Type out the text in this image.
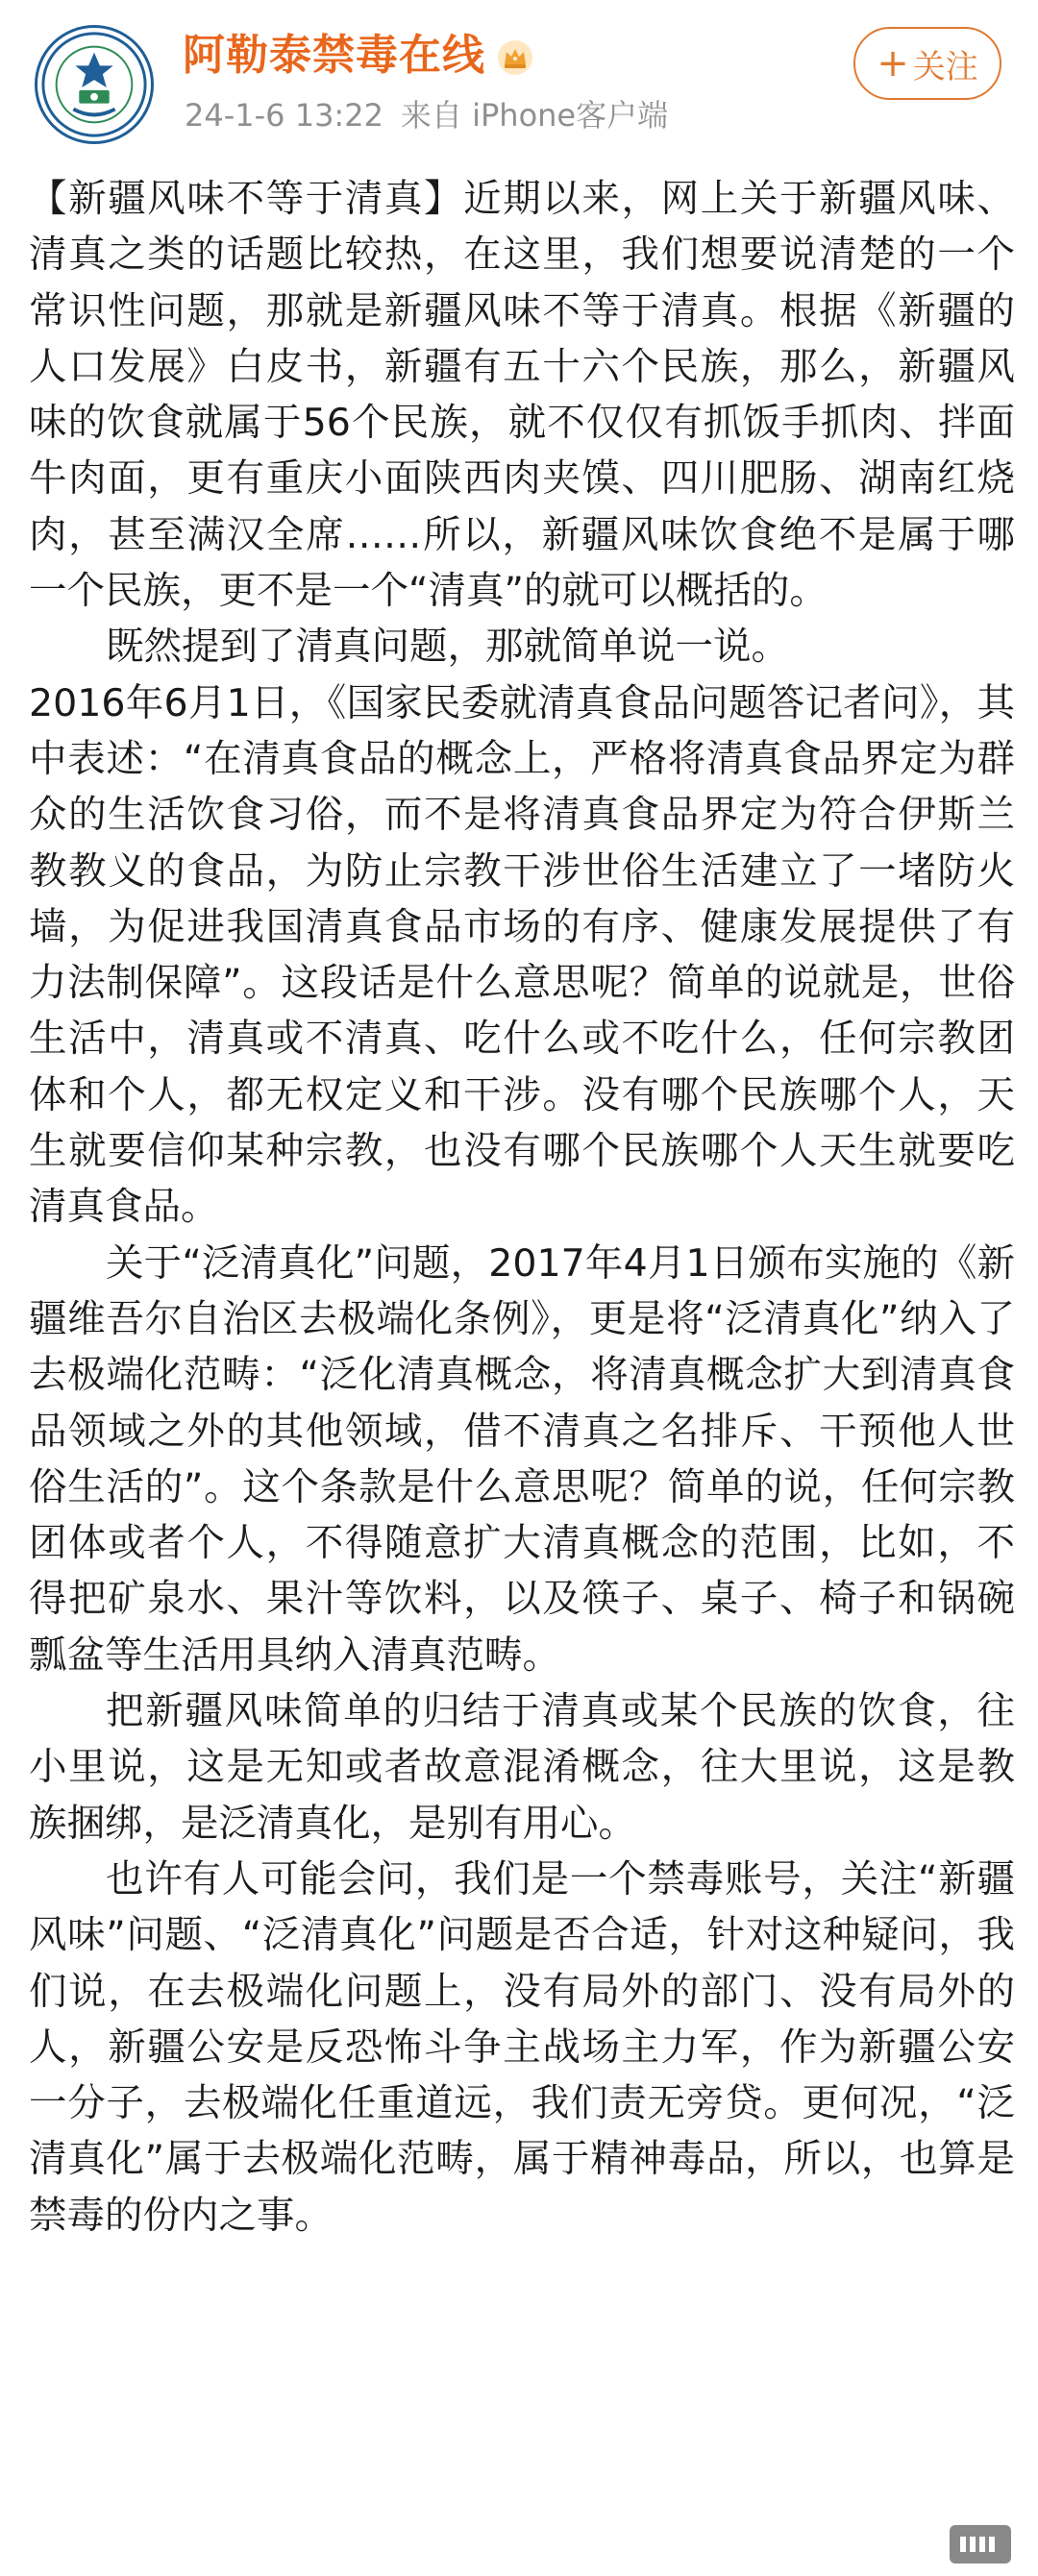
阿勒泰禁毒在线
24-1-6 13:22 来自 iPhone客户端
+ 关注

【新疆风味不等于清真】近期以来，网上关于新疆风味、清真之类的话题比较热，在这里，我们想要说清楚的一个常识性问题，那就是新疆风味不等于清真。根据《新疆的人口发展》白皮书，新疆有五十六个民族，那么，新疆风味的饮食就属于56个民族，就不仅仅有抓饭手抓肉、拌面牛肉面，更有重庆小面陕西肉夹馍、四川肥肠、湖南红烧肉，甚至满汉全席……所以，新疆风味饮食绝不是属于哪一个民族，更不是一个“清真”的就可以概括的。

既然提到了清真问题，那就简单说一说。

2016年6月1日，《国家民委就清真食品问题答记者问》，其中表述：“在清真食品的概念上，严格将清真食品界定为群众的生活饮食习俗，而不是将清真食品界定为符合伊斯兰教教义的食品，为防止宗教干涉世俗生活建立了一堵防火墙，为促进我国清真食品市场的有序、健康发展提供了有力法制保障”。这段话是什么意思呢？简单的说就是，世俗生活中，清真或不清真、吃什么或不吃什么，任何宗教团体和个人，都无权定义和干涉。没有哪个民族哪个人，天生就要信仰某种宗教，也没有哪个民族哪个人天生就要吃清真食品。

关于“泛清真化”问题，2017年4月1日颁布实施的《新疆维吾尔自治区去极端化条例》，更是将“泛清真化”纳入了去极端化范畴：“泛化清真概念，将清真概念扩大到清真食品领域之外的其他领域，借不清真之名排斥、干预他人世俗生活的”。这个条款是什么意思呢？简单的说，任何宗教团体或者个人，不得随意扩大清真概念的范围，比如，不得把矿泉水、果汁等饮料，以及筷子、桌子、椅子和锅碗瓢盆等生活用具纳入清真范畴。

把新疆风味简单的归结于清真或某个民族的饮食，往小里说，这是无知或者故意混淆概念，往大里说，这是教族捆绑，是泛清真化，是别有用心。

也许有人可能会问，我们是一个禁毒账号，关注“新疆风味”问题、“泛清真化”问题是否合适，针对这种疑问，我们说，在去极端化问题上，没有局外的部门、没有局外的人，新疆公安是反恐怖斗争主战场主力军，作为新疆公安一分子，去极端化任重道远，我们责无旁贷。更何况，“泛清真化”属于去极端化范畴，属于精神毒品，所以，也算是禁毒的份内之事。
